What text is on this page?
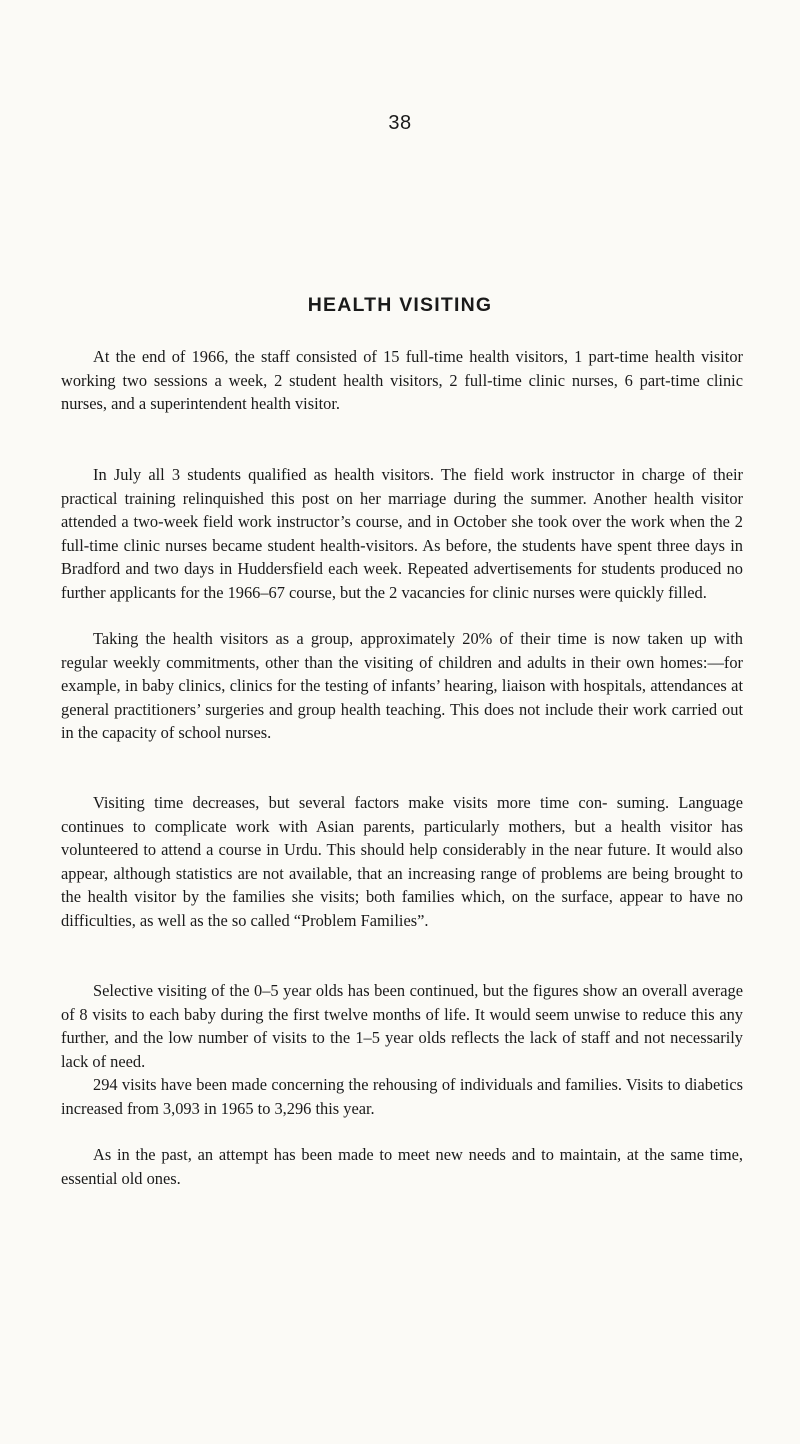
38
HEALTH VISITING

At the end of 1966, the staff consisted of 15 full-time health visitors, 1 part-time health visitor working two sessions a week, 2 student health visitors, 2 full-time clinic nurses, 6 part-time clinic nurses, and a superintendent health visitor.

In July all 3 students qualified as health visitors. The field work instructor in charge of their practical training relinquished this post on her marriage during the summer. Another health visitor attended a two-week field work instructor’s course, and in October she took over the work when the 2 full-time clinic nurses became student health-visitors. As before, the students have spent three days in Bradford and two days in Huddersfield each week. Repeated advertisements for students produced no further applicants for the 1966–67 course, but the 2 vacancies for clinic nurses were quickly filled.

Taking the health visitors as a group, approximately 20% of their time is now taken up with regular weekly commitments, other than the visiting of children and adults in their own homes:—for example, in baby clinics, clinics for the testing of infants’ hearing, liaison with hospitals, attendances at general practitioners’ surgeries and group health teaching. This does not include their work carried out in the capacity of school nurses.

Visiting time decreases, but several factors make visits more time con- suming. Language continues to complicate work with Asian parents, particularly mothers, but a health visitor has volunteered to attend a course in Urdu. This should help considerably in the near future. It would also appear, although statistics are not available, that an increasing range of problems are being brought to the health visitor by the families she visits; both families which, on the surface, appear to have no difficulties, as well as the so called “Problem Families”.

Selective visiting of the 0–5 year olds has been continued, but the figures show an overall average of 8 visits to each baby during the first twelve months of life. It would seem unwise to reduce this any further, and the low number of visits to the 1–5 year olds reflects the lack of staff and not necessarily lack of need.

294 visits have been made concerning the rehousing of individuals and families. Visits to diabetics increased from 3,093 in 1965 to 3,296 this year.

As in the past, an attempt has been made to meet new needs and to maintain, at the same time, essential old ones.
